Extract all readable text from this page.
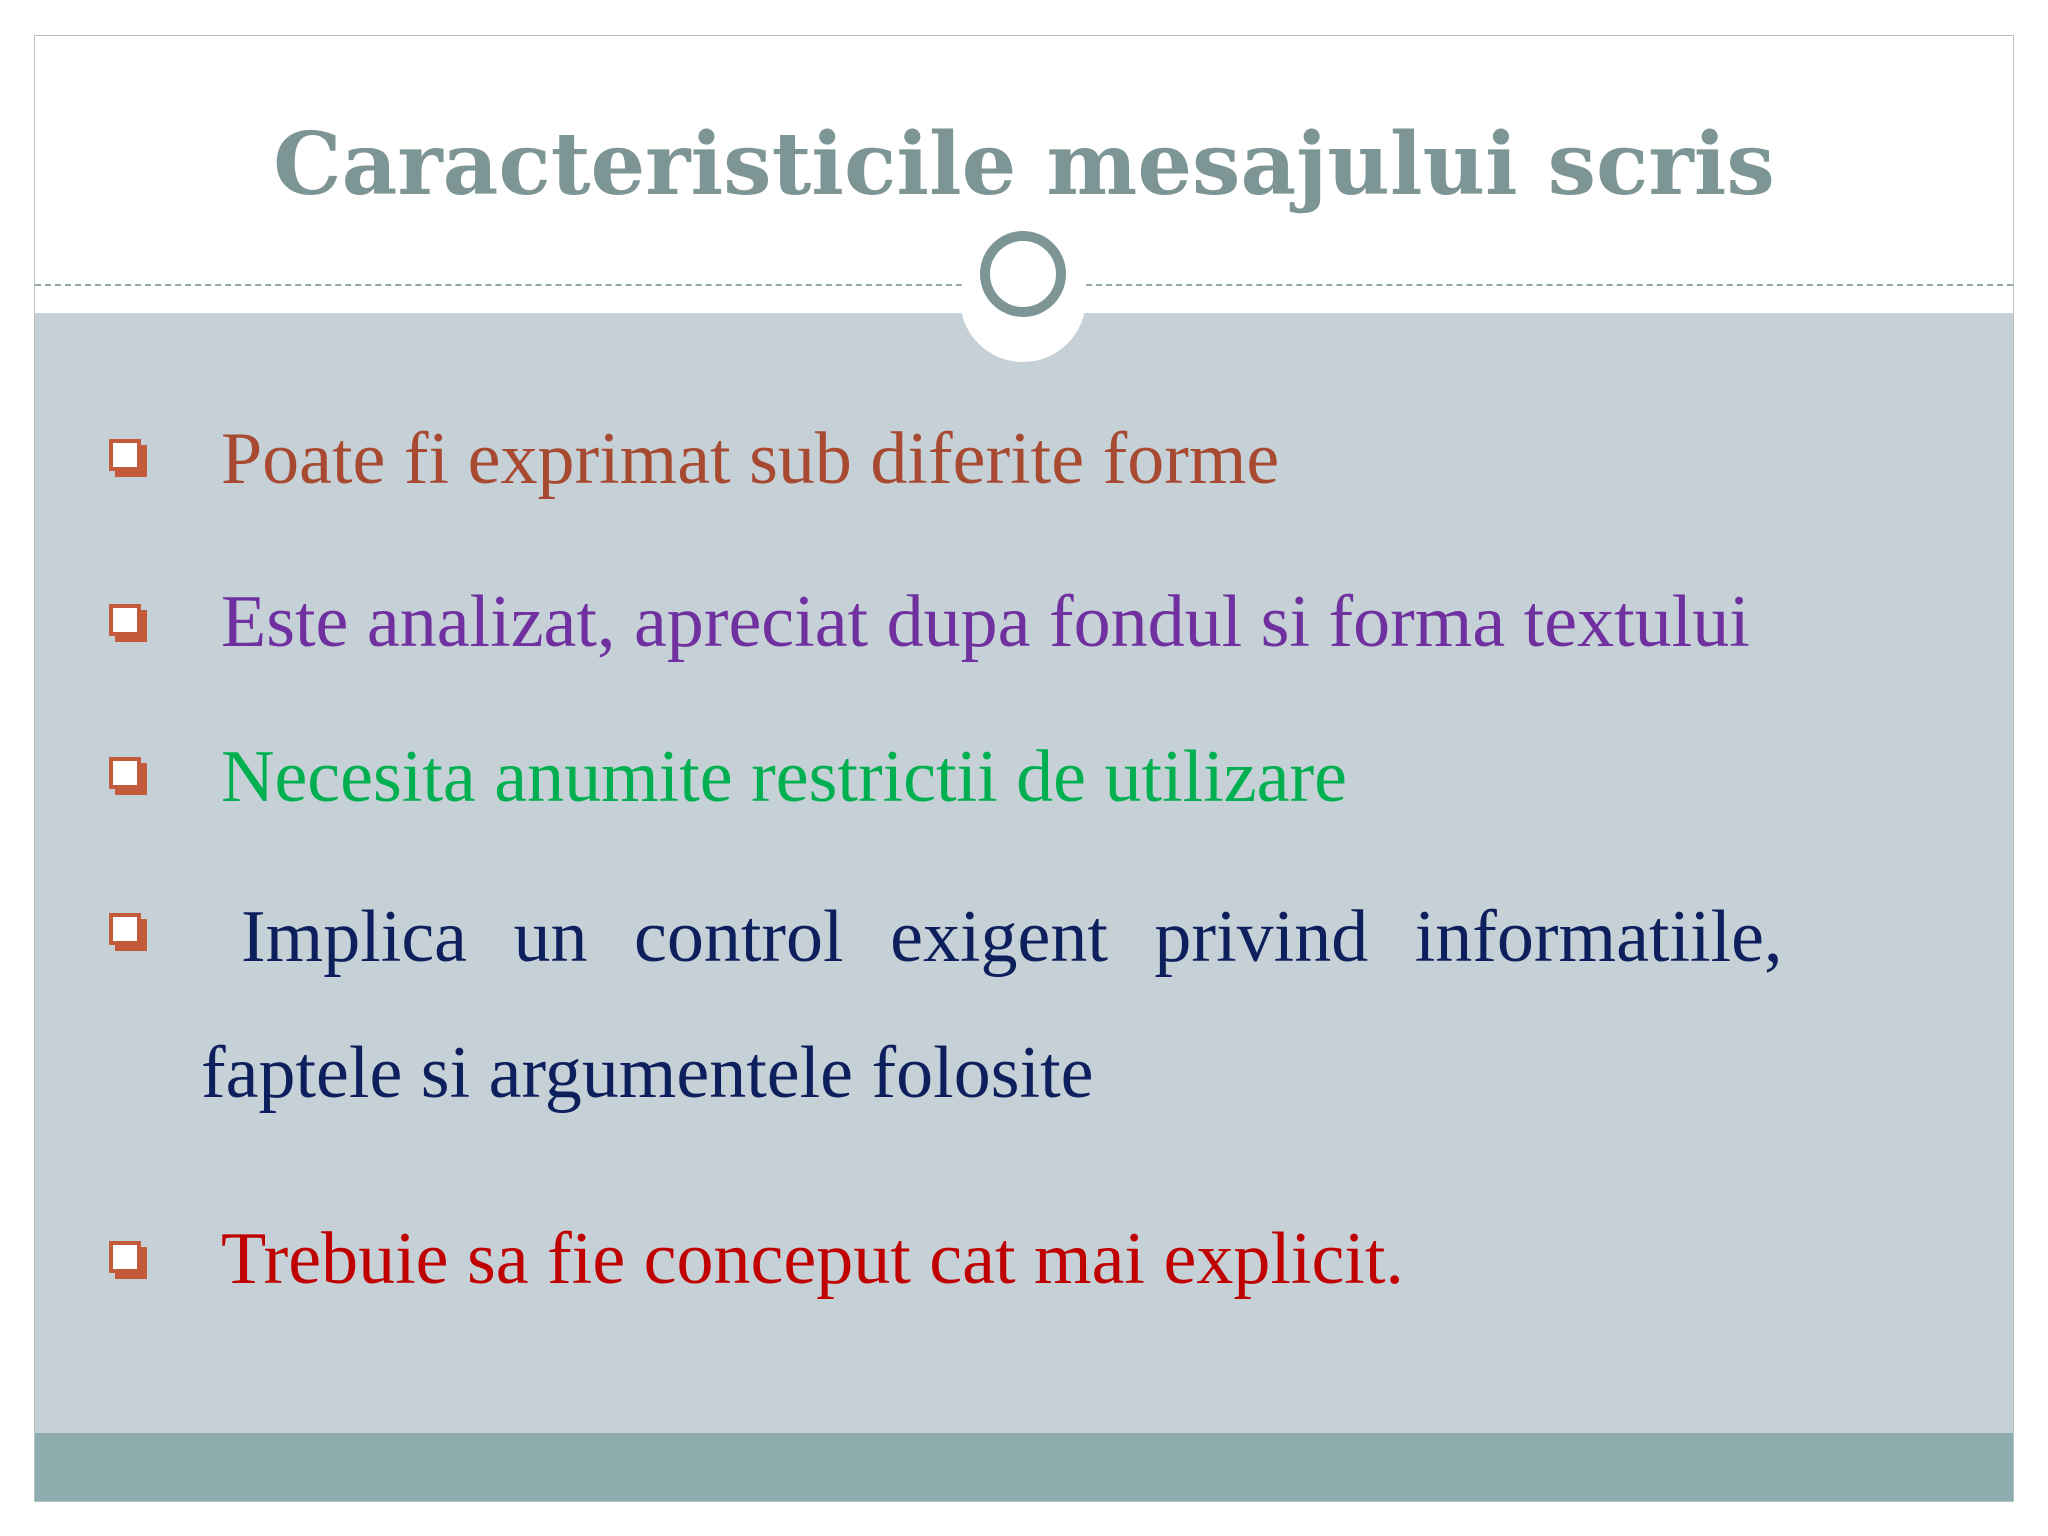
Caracteristicile mesajului scris
Poate fi exprimat sub diferite forme
Este analizat, apreciat dupa fondul si forma textului
Necesita anumite restrictii de utilizare
Implica un control exigent privind informatiile,
faptele si argumentele folosite
Trebuie sa fie conceput cat mai explicit.
